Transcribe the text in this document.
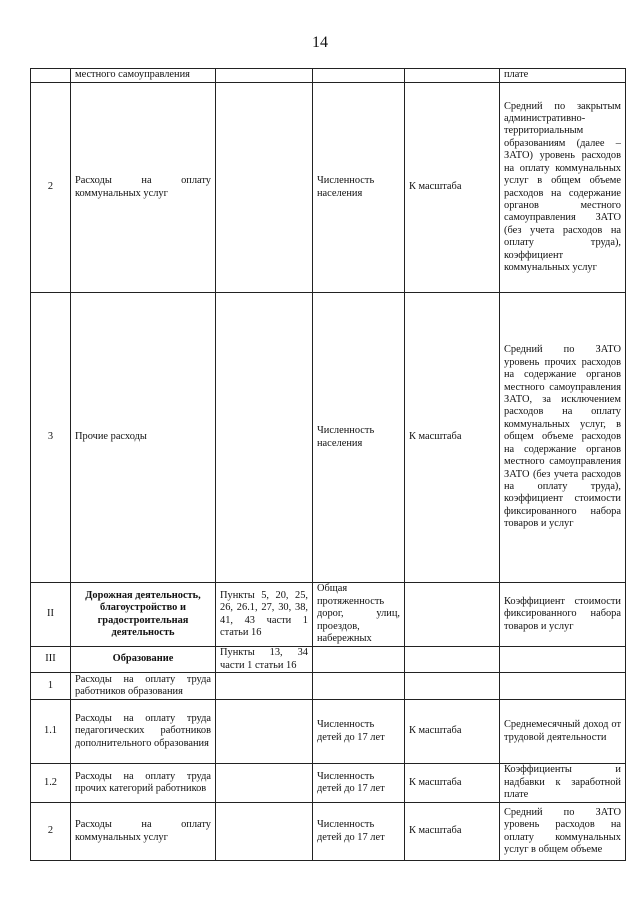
14
	местного самоуправления				плате
2	Расходы на оплату коммунальных услуг		Численность населения	К масштаба	Средний по закрытым административно-территориальным образованиям (далее – ЗАТО) уровень расходов на оплату коммунальных услуг в общем объеме расходов на содержание органов местного самоуправления ЗАТО (без учета расходов на оплату труда), коэффициент коммунальных услуг
3	Прочие расходы		Численность населения	К масштаба	Средний по ЗАТО уровень прочих расходов на содержание органов местного самоуправления ЗАТО, за исключением расходов на оплату коммунальных услуг, в общем объеме расходов на содержание органов местного самоуправления ЗАТО (без учета расходов на оплату труда), коэффициент стоимости фиксированного набора товаров и услуг
II	Дорожная деятельность, благоустройство и градостроительная деятельность	Пункты 5, 20, 25, 26, 26.1, 27, 30, 38, 41, 43 части 1 статьи 16	Общая протяженность дорог, улиц, проездов, набережных		Коэффициент стоимости фиксированного набора товаров и услуг
III	Образование	Пункты 13, 34 части 1 статьи 16			
1	Расходы на оплату труда работников образования				
1.1	Расходы на оплату труда педагогических работников дополнительного образования		Численность детей до 17 лет	К масштаба	Среднемесячный доход от трудовой деятельности
1.2	Расходы на оплату труда прочих категорий работников		Численность детей до 17 лет	К масштаба	Коэффициенты и надбавки к заработной плате
2	Расходы на оплату коммунальных услуг		Численность детей до 17 лет	К масштаба	Средний по ЗАТО уровень расходов на оплату коммунальных услуг в общем объеме
